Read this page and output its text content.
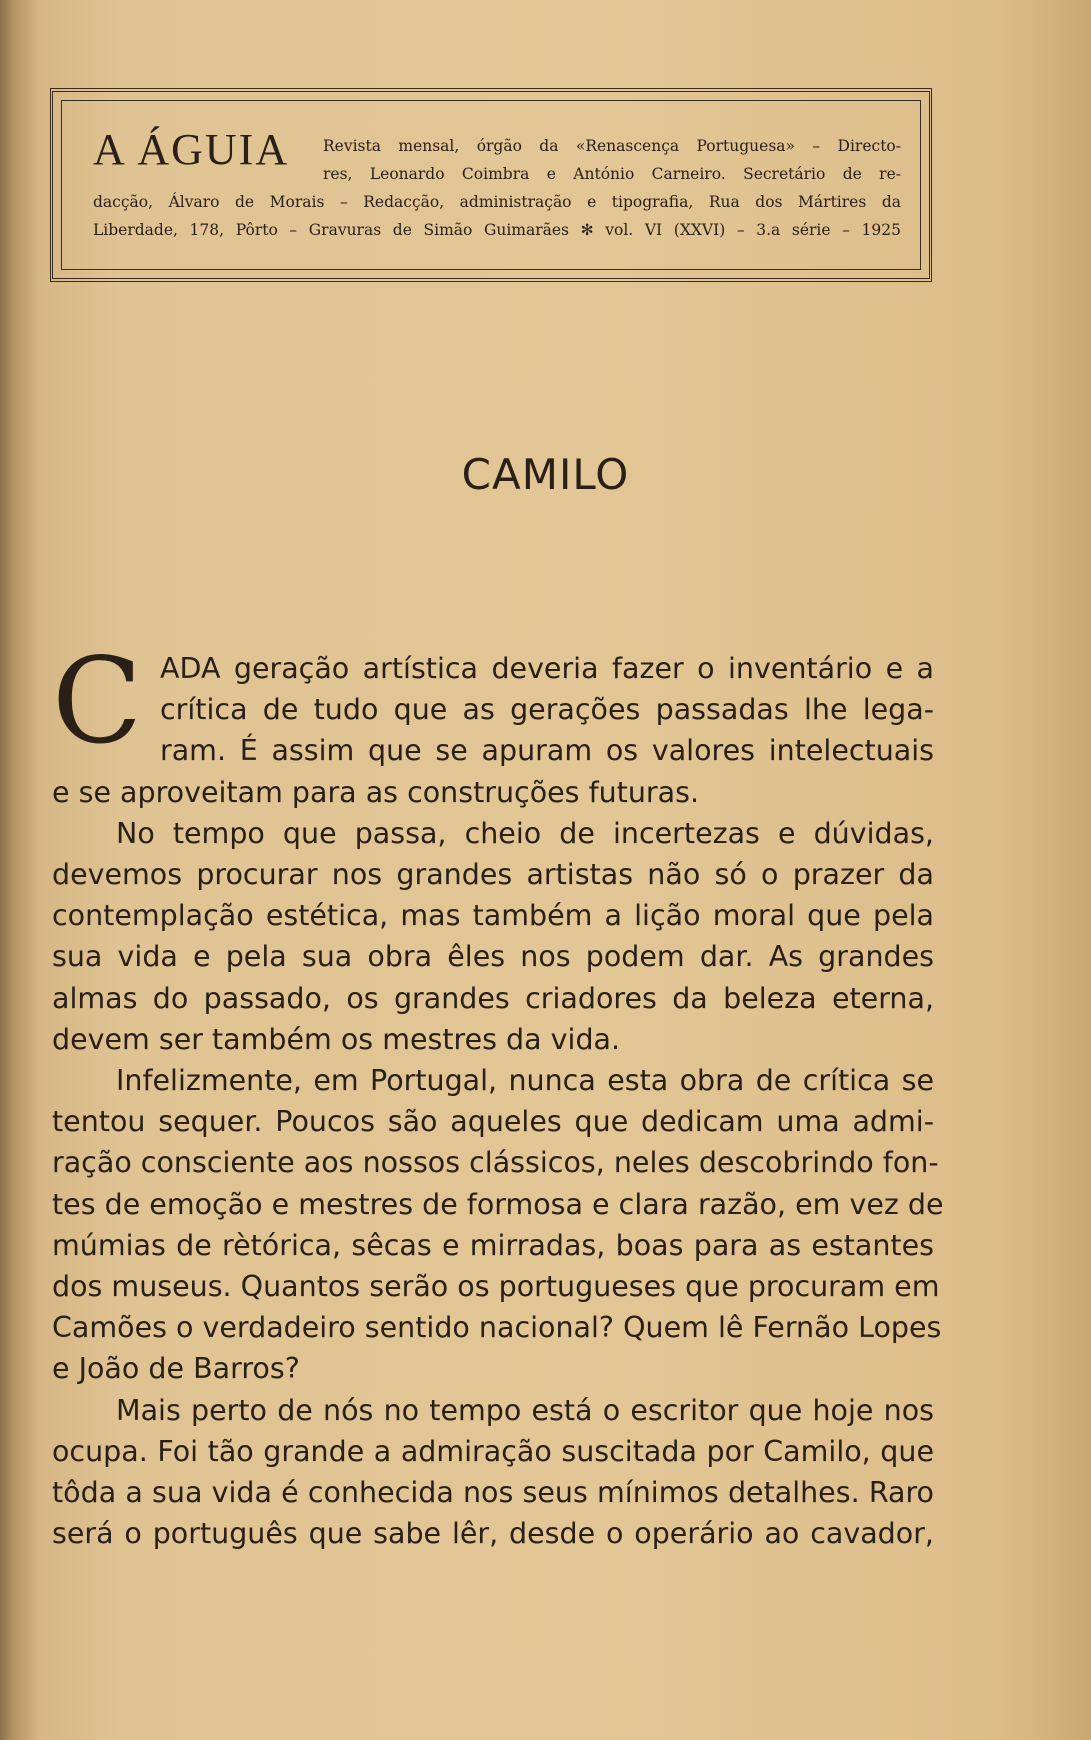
A ÁGUIA	Revista mensal, órgão da «Renascença Portuguesa» – Directo-
res, Leonardo Coimbra e António Carneiro. Secretário de re-
dacção, Álvaro de Morais – Redacção, administração e tipografia, Rua dos Mártires da
Liberdade, 178, Pôrto – Gravuras de Simão Guimarães ✻ vol. VI (XXVI) – 3.a série – 1925
CAMILO
C ADA geração artística deveria fazer o inventário e a
crítica de tudo que as gerações passadas lhe lega-
ram. É assim que se apuram os valores intelectuais
e se aproveitam para as construções futuras.
No tempo que passa, cheio de incertezas e dúvidas,
devemos procurar nos grandes artistas não só o prazer da
contemplação estética, mas também a lição moral que pela
sua vida e pela sua obra êles nos podem dar. As grandes
almas do passado, os grandes criadores da beleza eterna,
devem ser também os mestres da vida.
Infelizmente, em Portugal, nunca esta obra de crítica se
tentou sequer. Poucos são aqueles que dedicam uma admi-
ração consciente aos nossos clássicos, neles descobrindo fon-
tes de emoção e mestres de formosa e clara razão, em vez de
múmias de rètórica, sêcas e mirradas, boas para as estantes
dos museus. Quantos serão os portugueses que procuram em
Camões o verdadeiro sentido nacional? Quem lê Fernão Lopes
e João de Barros?
Mais perto de nós no tempo está o escritor que hoje nos
ocupa. Foi tão grande a admiração suscitada por Camilo, que
tôda a sua vida é conhecida nos seus mínimos detalhes. Raro
será o português que sabe lêr, desde o operário ao cavador,
